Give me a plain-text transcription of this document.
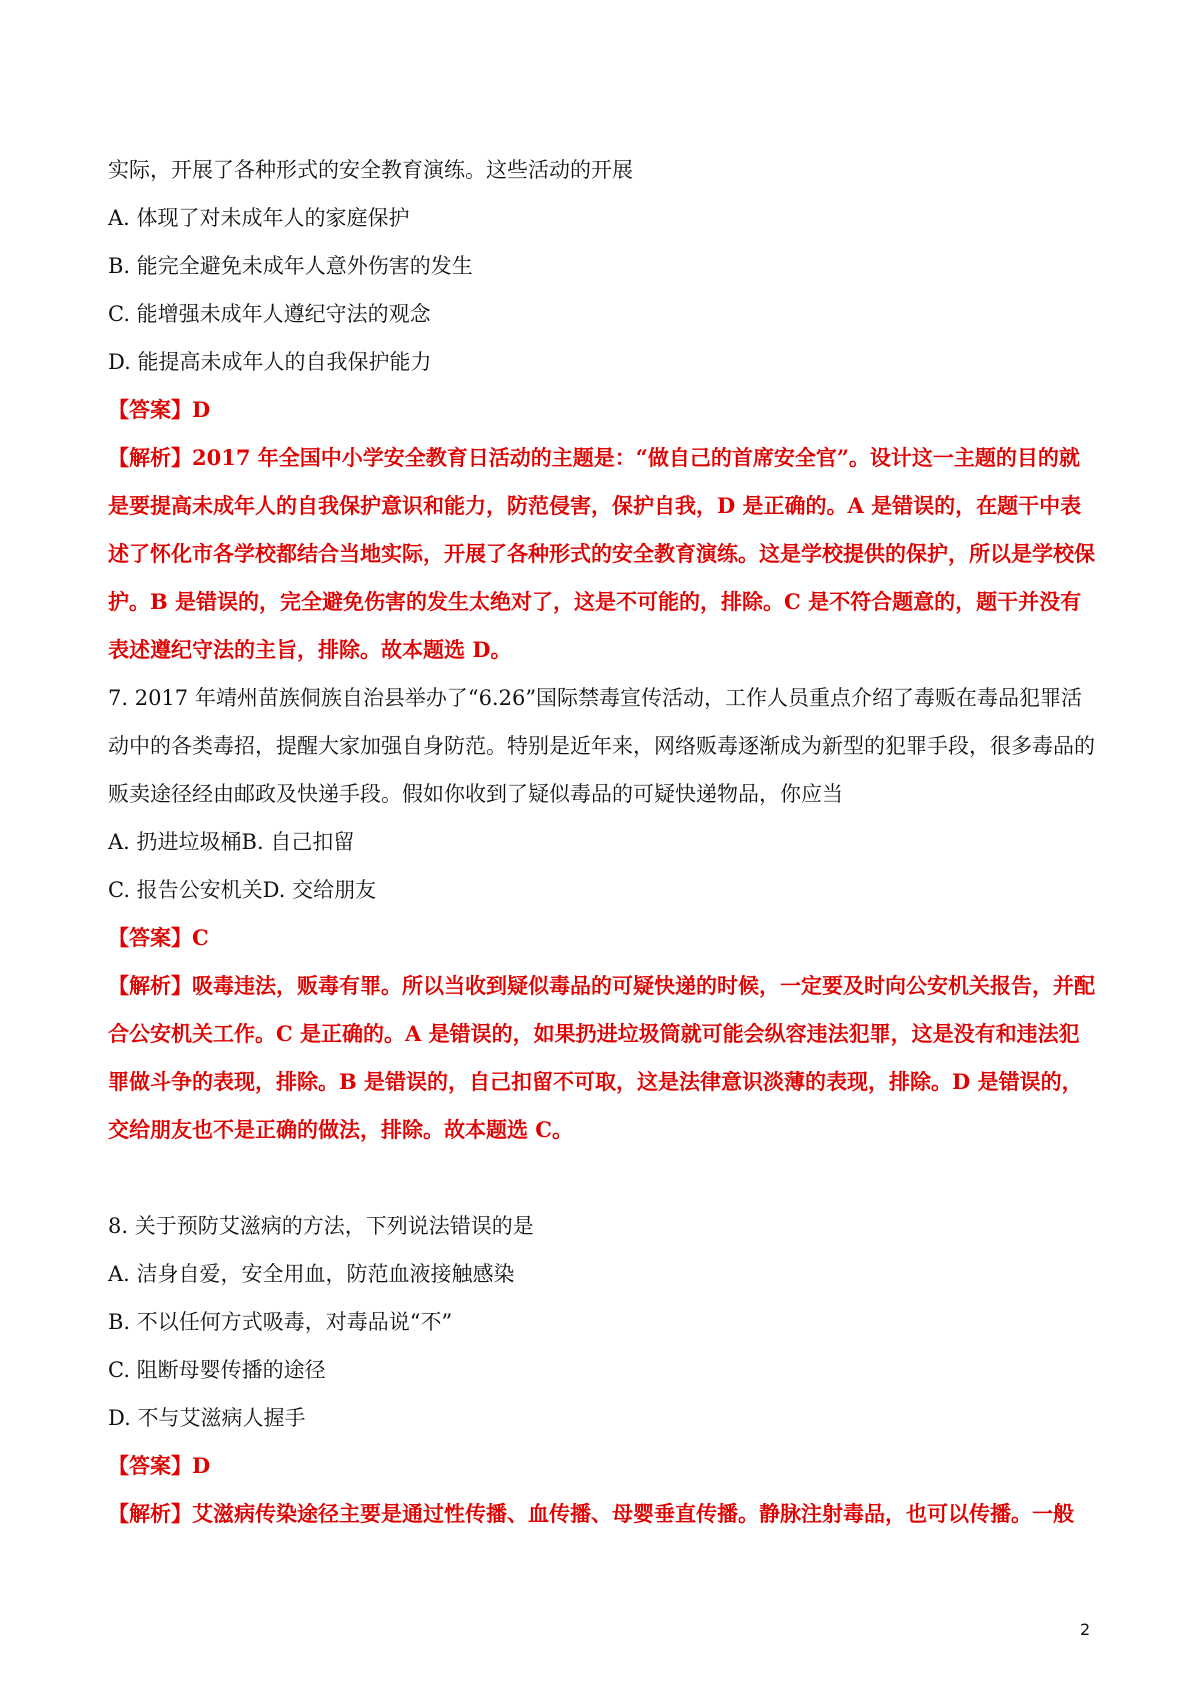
实际，开展了各种形式的安全教育演练。这些活动的开展
A. 体现了对未成年人的家庭保护
B. 能完全避免未成年人意外伤害的发生
C. 能增强未成年人遵纪守法的观念
D. 能提高未成年人的自我保护能力
【答案】D
【解析】2017 年全国中小学安全教育日活动的主题是：“做自己的首席安全官”。设计这一主题的目的就是要提高未成年人的自我保护意识和能力，防范侵害，保护自我，D 是正确的。A 是错误的，在题干中表述了怀化市各学校都结合当地实际，开展了各种形式的安全教育演练。这是学校提供的保护，所以是学校保护。B 是错误的，完全避免伤害的发生太绝对了，这是不可能的，排除。C 是不符合题意的，题干并没有表述遵纪守法的主旨，排除。故本题选 D。
7. 2017 年靖州苗族侗族自治县举办了“6.26”国际禁毒宣传活动，工作人员重点介绍了毒贩在毒品犯罪活动中的各类毒招，提醒大家加强自身防范。特别是近年来，网络贩毒逐渐成为新型的犯罪手段，很多毒品的贩卖途径经由邮政及快递手段。假如你收到了疑似毒品的可疑快递物品，你应当
A. 扔进垃圾桶B. 自己扣留
C. 报告公安机关D. 交给朋友
【答案】C
【解析】吸毒违法，贩毒有罪。所以当收到疑似毒品的可疑快递的时候，一定要及时向公安机关报告，并配合公安机关工作。C 是正确的。A 是错误的，如果扔进垃圾筒就可能会纵容违法犯罪，这是没有和违法犯罪做斗争的表现，排除。B 是错误的，自己扣留不可取，这是法律意识淡薄的表现，排除。D 是错误的，交给朋友也不是正确的做法，排除。故本题选 C。
8. 关于预防艾滋病的方法，下列说法错误的是
A. 洁身自爱，安全用血，防范血液接触感染
B. 不以任何方式吸毒，对毒品说“不”
C. 阻断母婴传播的途径
D. 不与艾滋病人握手
【答案】D
【解析】艾滋病传染途径主要是通过性传播、血传播、母婴垂直传播。静脉注射毒品，也可以传播。一般
2
